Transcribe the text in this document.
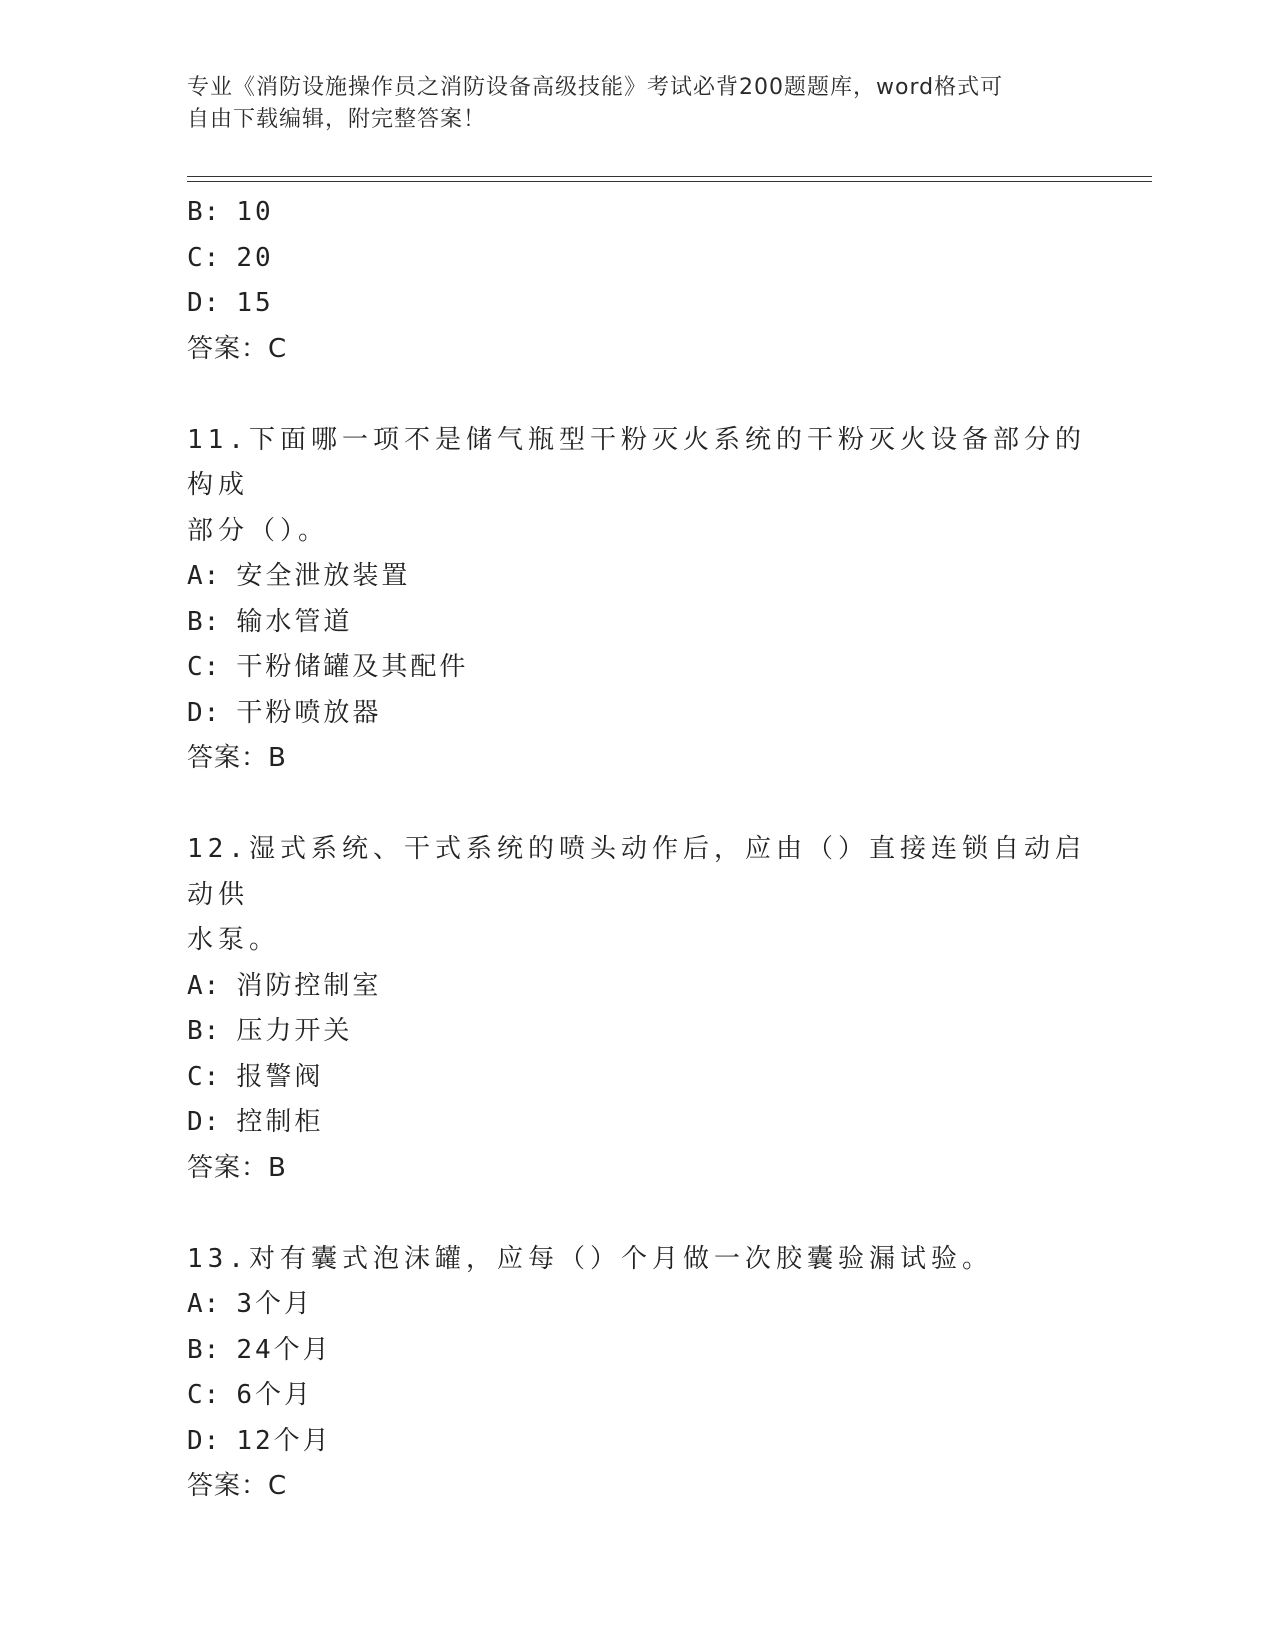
专业《消防设施操作员之消防设备高级技能》考试必背200题题库，word格式可
自由下载编辑，附完整答案！
B: 10
C: 20
D: 15
答案：C
11.下面哪一项不是储气瓶型干粉灭火系统的干粉灭火设备部分的构成
部分（）。
A: 安全泄放装置
B: 输水管道
C: 干粉储罐及其配件
D: 干粉喷放器
答案：B
12.湿式系统、干式系统的喷头动作后，应由（）直接连锁自动启动供
水泵。
A: 消防控制室
B: 压力开关
C: 报警阀
D: 控制柜
答案：B
13.对有囊式泡沫罐，应每（）个月做一次胶囊验漏试验。
A: 3个月
B: 24个月
C: 6个月
D: 12个月
答案：C
